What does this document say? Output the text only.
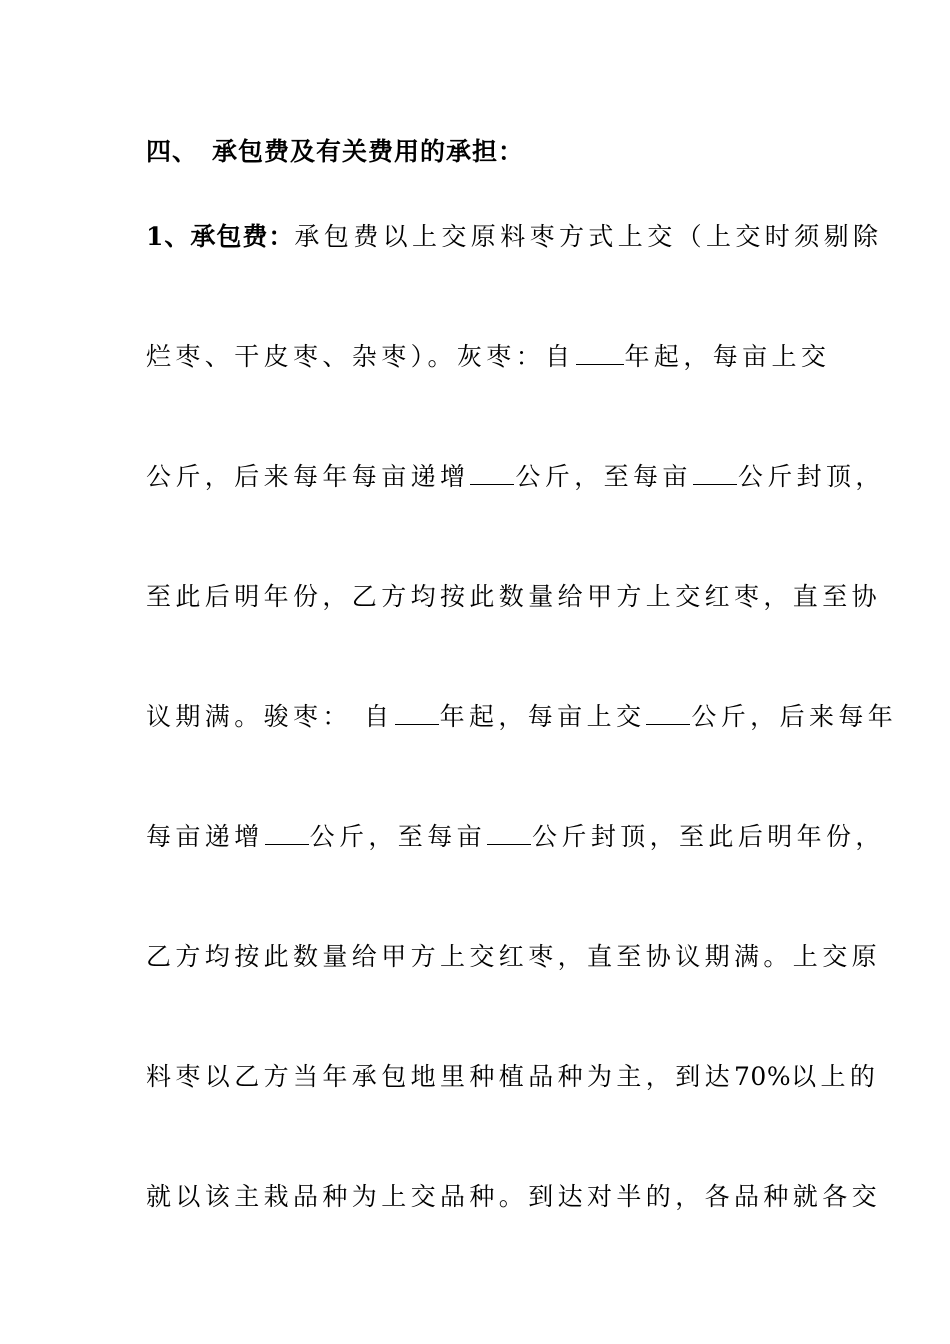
四、 承包费及有关费用的承担：
1、承包费：承包费以上交原料枣方式上交（上交时须剔除
烂枣、干皮枣、杂枣）。灰枣：自 年起，每亩上交
公斤，后来每年每亩递增 公斤，至每亩 公斤封顶，
至此后明年份，乙方均按此数量给甲方上交红枣，直至协
议期满。骏枣： 自 年起，每亩上交 公斤，后来每年
每亩递增 公斤，至每亩 公斤封顶，至此后明年份，
乙方均按此数量给甲方上交红枣，直至协议期满。上交原
料枣以乙方当年承包地里种植品种为主，到达70%以上的
就以该主栽品种为上交品种。到达对半的，各品种就各交
